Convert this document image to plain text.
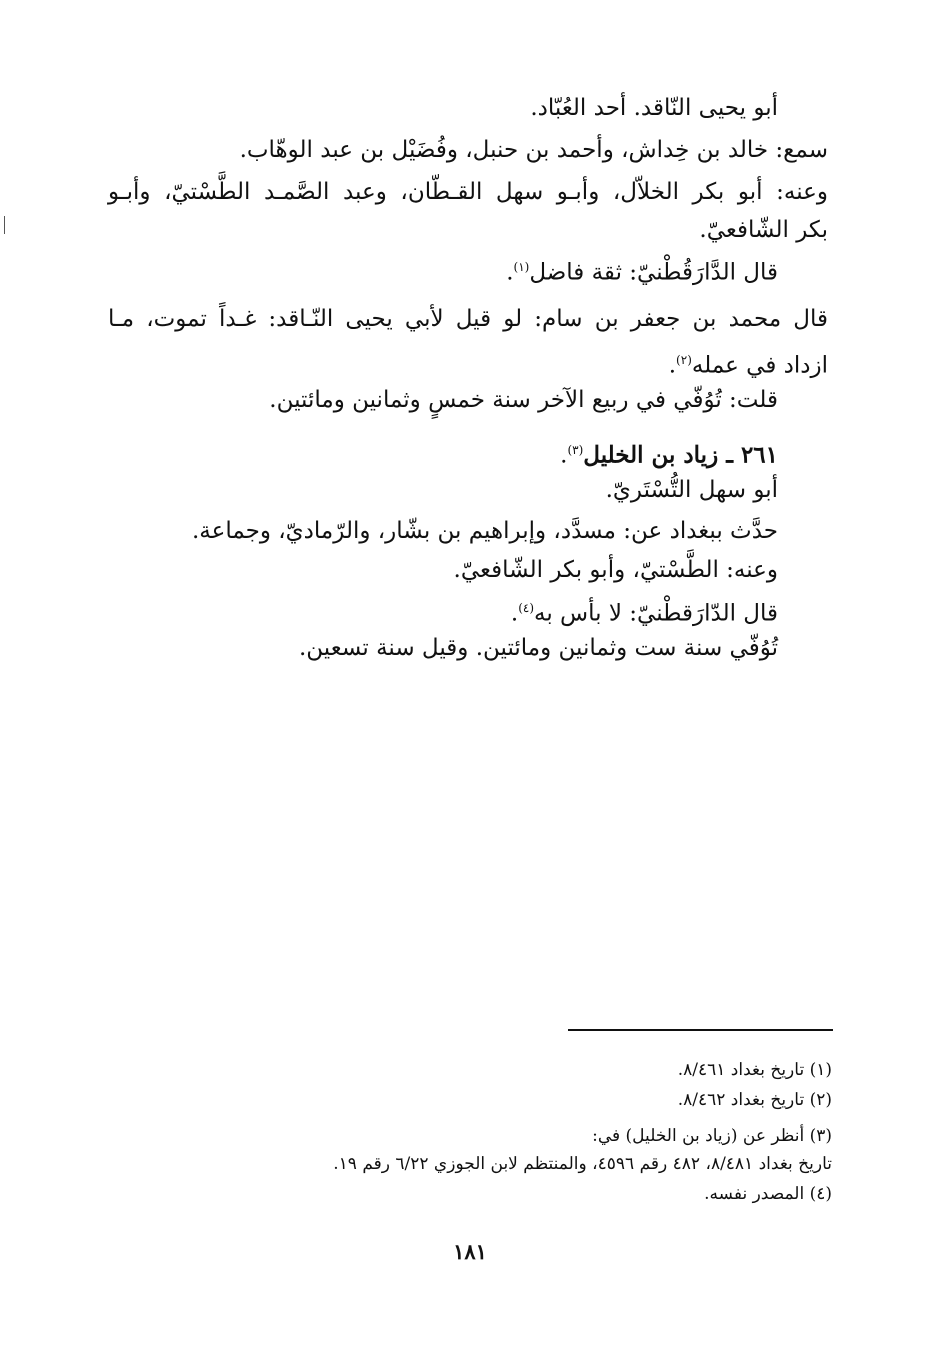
أبو يحيى النّاقد. أحد العُبّاد.
سمع: خالد بن خِداش، وأحمد بن حنبل، وفُضَيْل بن عبد الوهّاب.
وعنه: أبو بكر الخلاّل، وأبـو سهل القـطّان، وعبد الصَّمـد الطَّسْتيّ، وأبـو
بكر الشّافعيّ.
قال الدَّارَقُطْنيّ: ثقة فاضل$^{(١)}$.
قال محمد بن جعفر بن سام: لو قيل لأبي يحيى النّـاقد: غـداً تموت، مـا
ازداد في عمله$^{(٢)}$.
قلت: تُوُفّي في ربيع الآخر سنة خمسٍ وثمانين ومائتين.
٢٦١ ـ زياد بن الخليل$^{(٣)}$.
أبو سهل التُّسْتَريّ.
حدَّث ببغداد عن: مسدَّد، وإبراهيم بن بشّار، والرّماديّ، وجماعة.
وعنه: الطَّسْتيّ، وأبو بكر الشّافعيّ.
قال الدّارَقطْنيّ: لا بأس به$^{(٤)}$.
تُوُفّي سنة ست وثمانين ومائتين. وقيل سنة تسعين.
(١) تاريخ بغداد ٨/٤٦١.
(٢) تاريخ بغداد ٨/٤٦٢.
(٣) أنظر عن (زياد بن الخليل) في:
تاريخ بغداد ٨/٤٨١، ٤٨٢ رقم ٤٥٩٦، والمنتظم لابن الجوزي ٦/٢٢ رقم ١٩.
(٤) المصدر نفسه.
١٨١
